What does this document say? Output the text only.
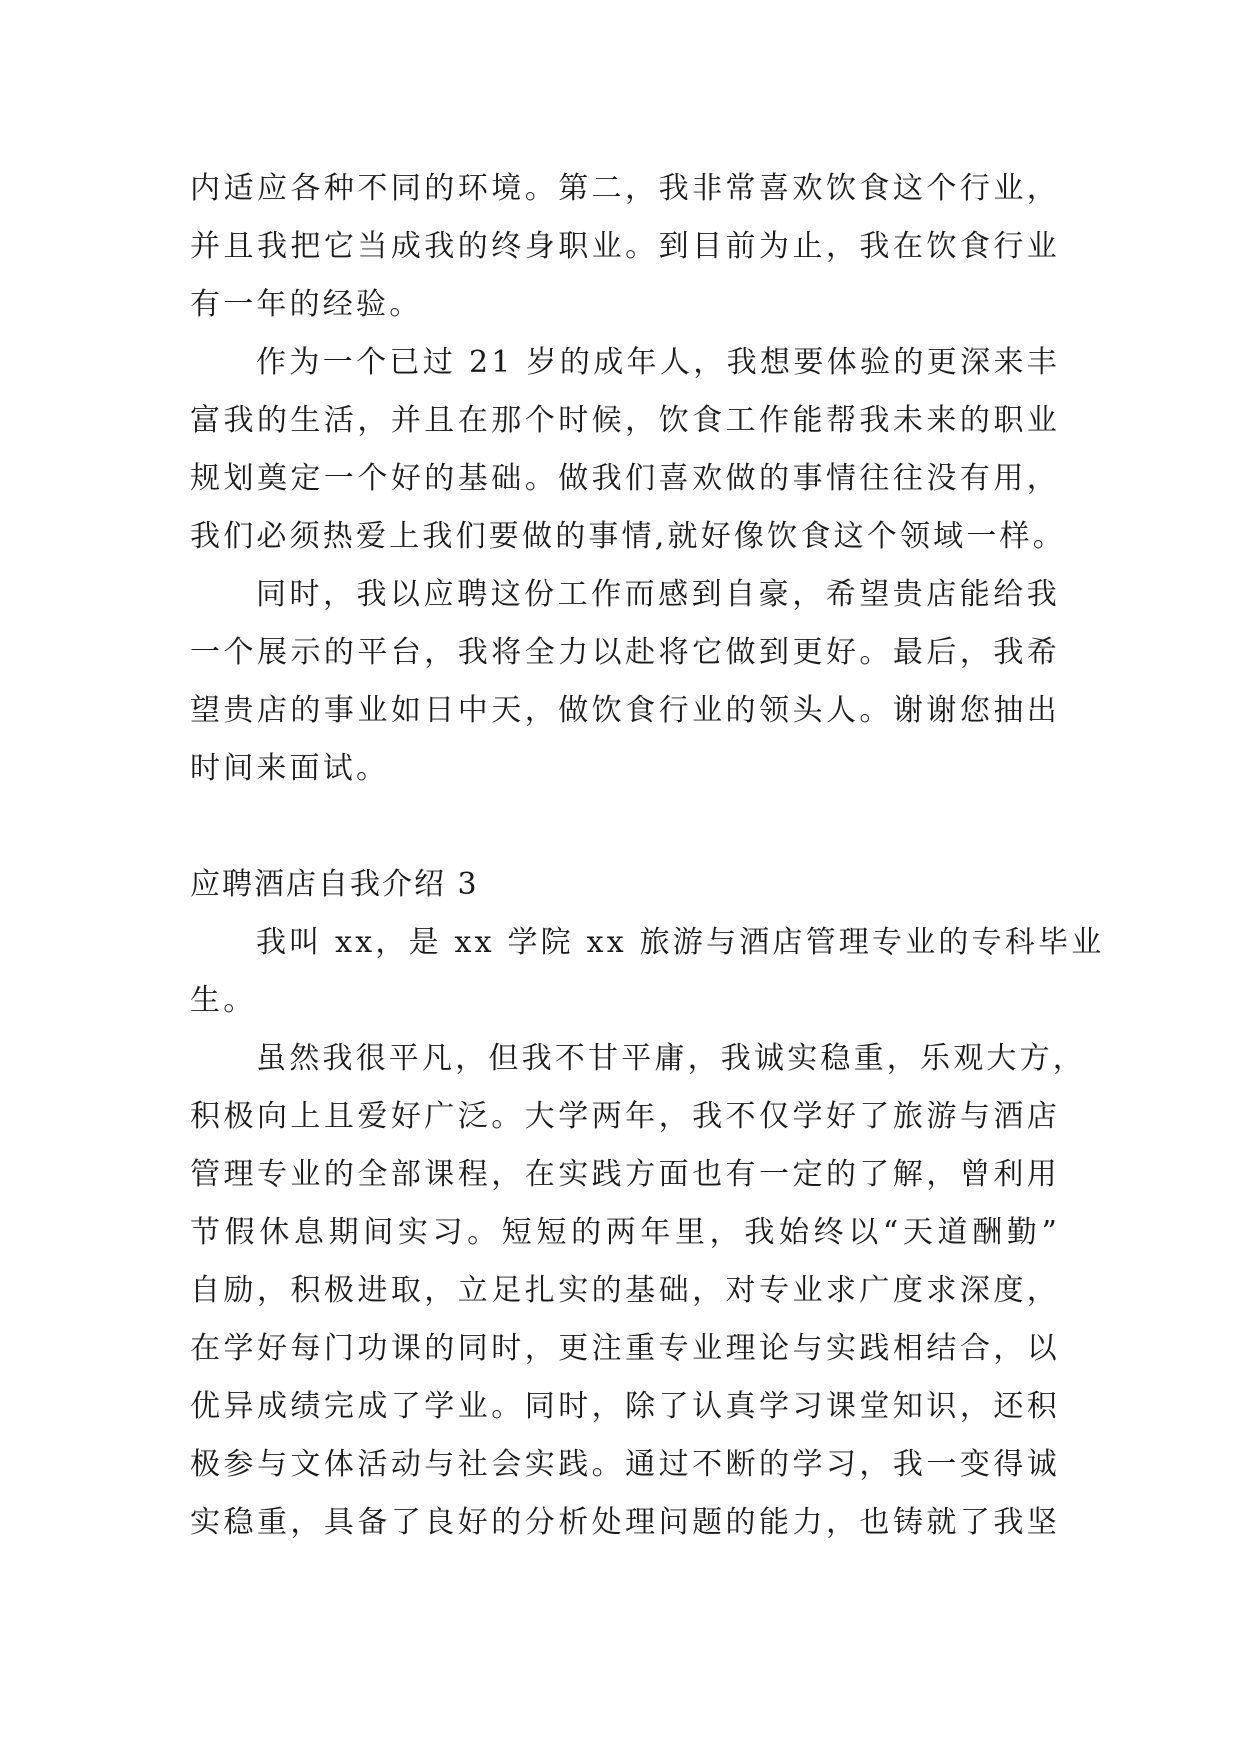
内适应各种不同的环境。第二，我非常喜欢饮食这个行业，
并且我把它当成我的终身职业。到目前为止，我在饮食行业
有一年的经验。
作为一个已过 21 岁的成年人，我想要体验的更深来丰
富我的生活，并且在那个时候，饮食工作能帮我未来的职业
规划奠定一个好的基础。做我们喜欢做的事情往往没有用，
我们必须热爱上我们要做的事情,就好像饮食这个领域一样。
同时，我以应聘这份工作而感到自豪，希望贵店能给我
一个展示的平台，我将全力以赴将它做到更好。最后，我希
望贵店的事业如日中天，做饮食行业的领头人。谢谢您抽出
时间来面试。
应聘酒店自我介绍 3
我叫 xx，是 xx 学院 xx 旅游与酒店管理专业的专科毕业
生。
虽然我很平凡，但我不甘平庸，我诚实稳重，乐观大方，
积极向上且爱好广泛。大学两年，我不仅学好了旅游与酒店
管理专业的全部课程，在实践方面也有一定的了解，曾利用
节假休息期间实习。短短的两年里，我始终以“天道酬勤”
自励，积极进取，立足扎实的基础，对专业求广度求深度，
在学好每门功课的同时，更注重专业理论与实践相结合，以
优异成绩完成了学业。同时，除了认真学习课堂知识，还积
极参与文体活动与社会实践。通过不断的学习，我一变得诚
实稳重，具备了良好的分析处理问题的能力，也铸就了我坚
